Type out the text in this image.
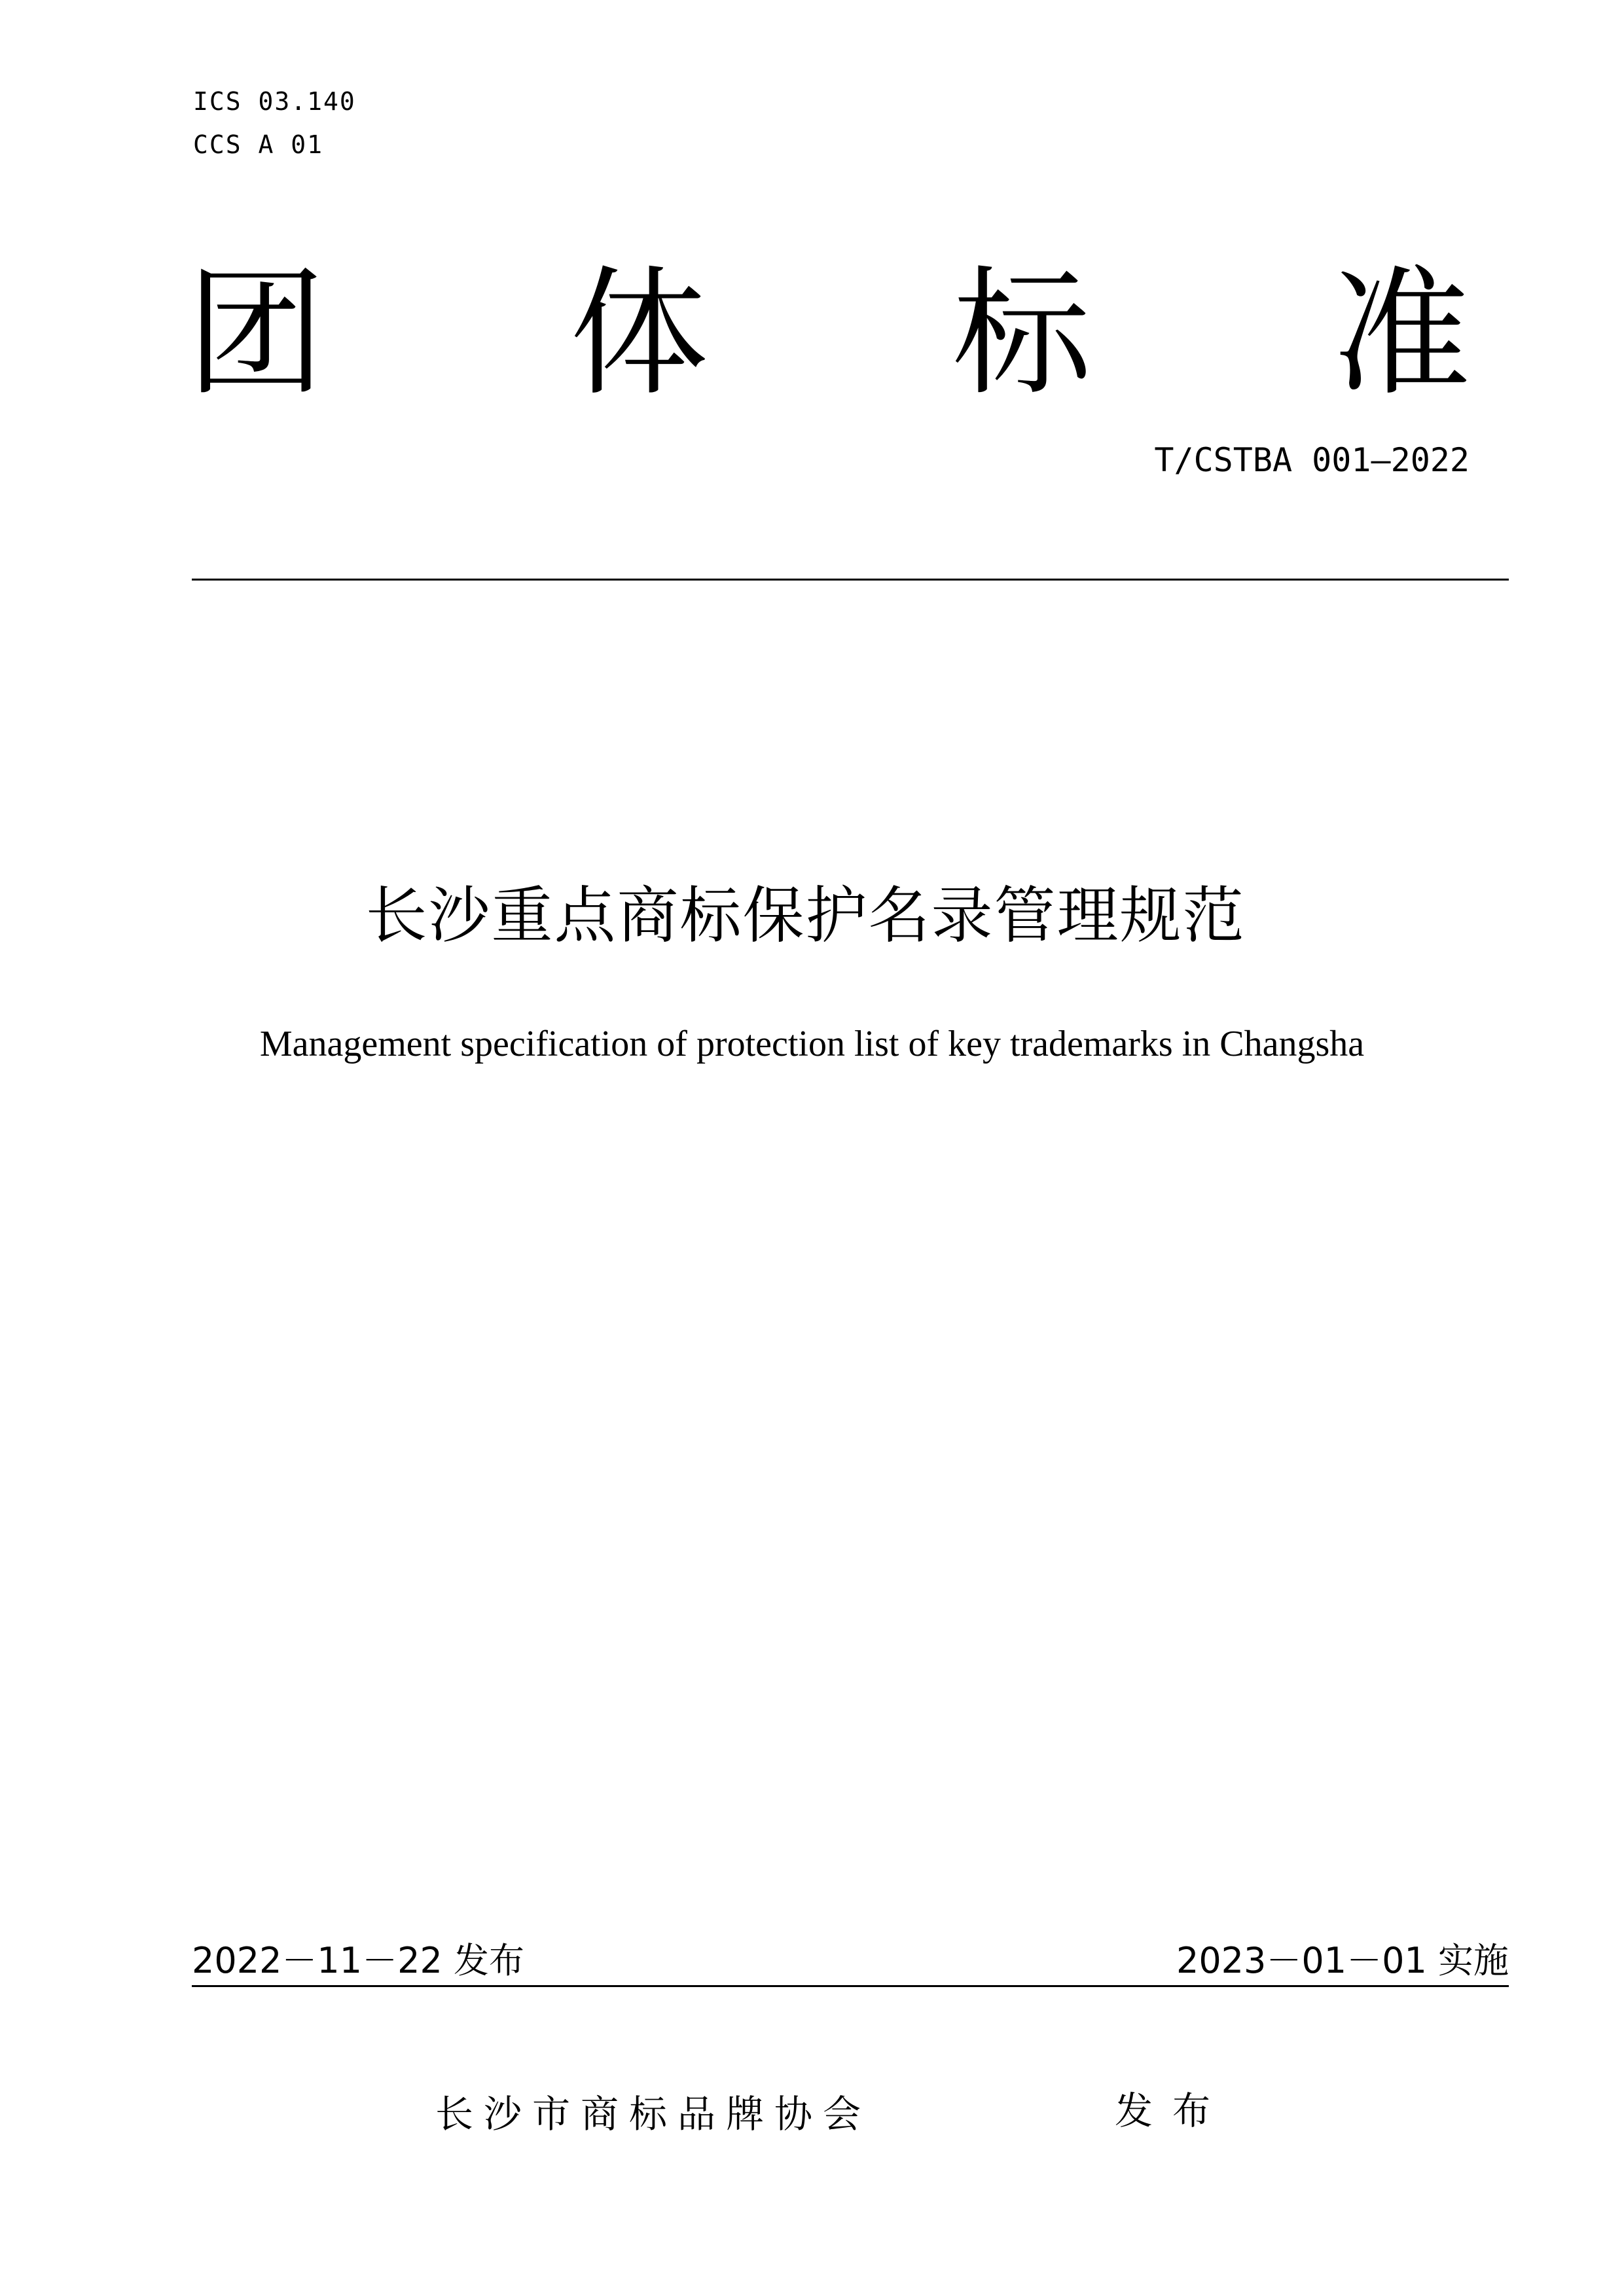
ICS 03.140
CCS A 01
团 体 标 准
T/CSTBA 001—2022
长沙重点商标保护名录管理规范
Management specification of protection list of key trademarks in Changsha
2022－11－22 发布	2023－01－01 实施
长沙市商标品牌协会	发布
